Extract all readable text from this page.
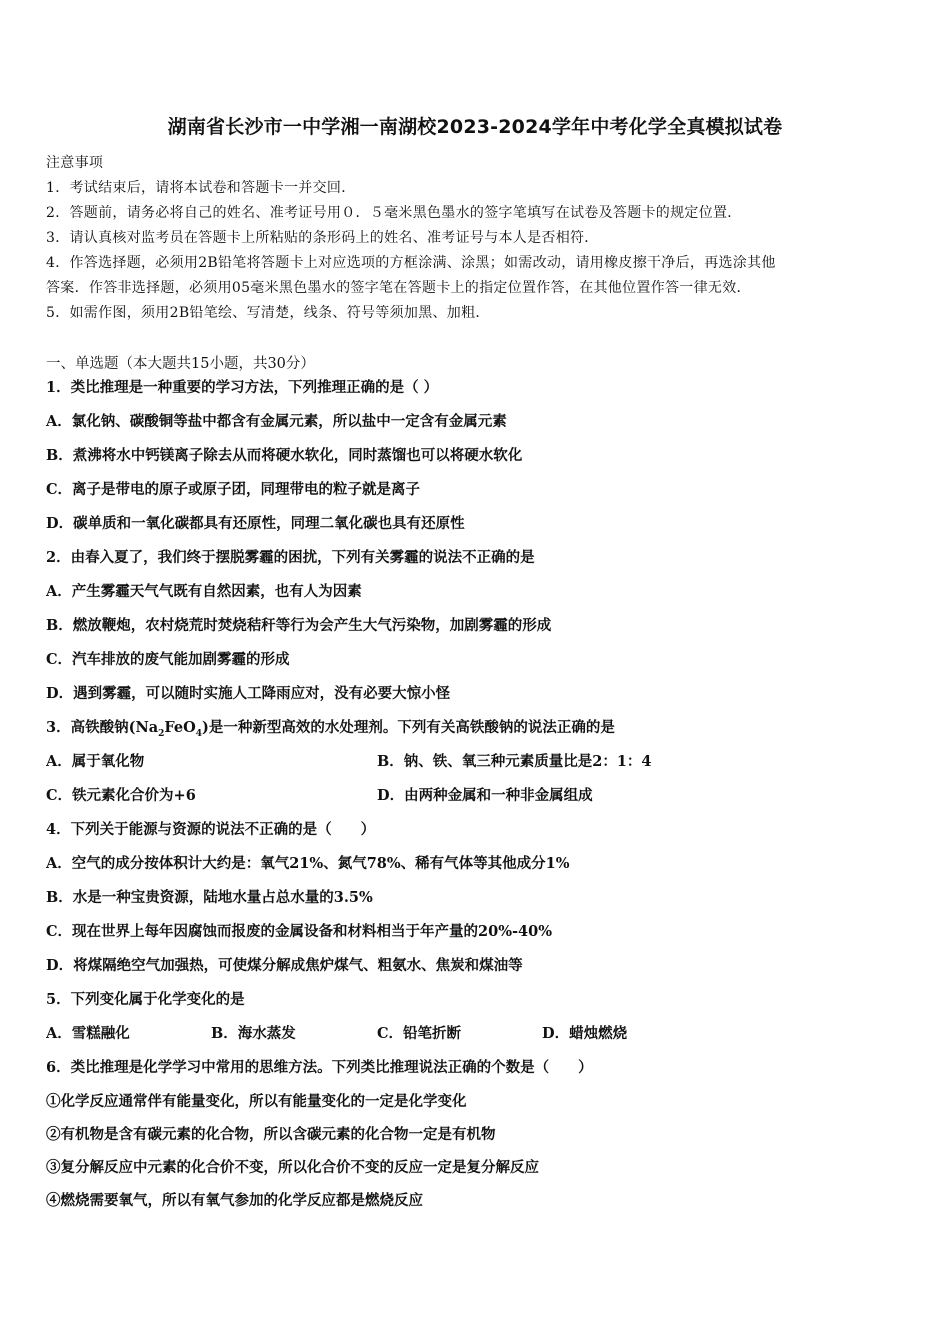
湖南省长沙市一中学湘一南湖校2023-2024学年中考化学全真模拟试卷
注意事项
1．考试结束后，请将本试卷和答题卡一并交回．
2．答题前，请务必将自己的姓名、准考证号用０．５毫米黑色墨水的签字笔填写在试卷及答题卡的规定位置．
3．请认真核对监考员在答题卡上所粘贴的条形码上的姓名、准考证号与本人是否相符．
4．作答选择题，必须用2B铅笔将答题卡上对应选项的方框涂满、涂黑；如需改动，请用橡皮擦干净后，再选涂其他
答案．作答非选择题，必须用05毫米黑色墨水的签字笔在答题卡上的指定位置作答，在其他位置作答一律无效．
5．如需作图，须用2B铅笔绘、写清楚，线条、符号等须加黑、加粗．
一、单选题（本大题共15小题，共30分）
1．类比推理是一种重要的学习方法，下列推理正确的是（ ）
A．氯化钠、碳酸铜等盐中都含有金属元素，所以盐中一定含有金属元素
B．煮沸将水中钙镁离子除去从而将硬水软化，同时蒸馏也可以将硬水软化
C．离子是带电的原子或原子团，同理带电的粒子就是离子
D．碳单质和一氧化碳都具有还原性，同理二氧化碳也具有还原性
2．由春入夏了，我们终于摆脱雾霾的困扰，下列有关雾霾的说法不正确的是
A．产生雾霾天气气既有自然因素，也有人为因素
B．燃放鞭炮，农村烧荒时焚烧秸秆等行为会产生大气污染物，加剧雾霾的形成
C．汽车排放的废气能加剧雾霾的形成
D．遇到雾霾，可以随时实施人工降雨应对，没有必要大惊小怪
3．高铁酸钠$(Na_2FeO_4)$是一种新型高效的水处理剂。下列有关高铁酸钠的说法正确的是
A．属于氧化物	B．钠、铁、氧三种元素质量比是2：1：4
C．铁元素化合价为+6	D．由两种金属和一种非金属组成
4．下列关于能源与资源的说法不正确的是（　　）
A．空气的成分按体积计大约是：氧气21%、氮气78%、稀有气体等其他成分1%
B．水是一种宝贵资源，陆地水量占总水量的3.5%
C．现在世界上每年因腐蚀而报废的金属设备和材料相当于年产量的20%-40%
D．将煤隔绝空气加强热，可使煤分解成焦炉煤气、粗氨水、焦炭和煤油等
5．下列变化属于化学变化的是
A．雪糕融化	B．海水蒸发	C．铅笔折断	D．蜡烛燃烧
6．类比推理是化学学习中常用的思维方法。下列类比推理说法正确的个数是（　　）
①化学反应通常伴有能量变化，所以有能量变化的一定是化学变化
②有机物是含有碳元素的化合物，所以含碳元素的化合物一定是有机物
③复分解反应中元素的化合价不变，所以化合价不变的反应一定是复分解反应
④燃烧需要氧气，所以有氧气参加的化学反应都是燃烧反应
